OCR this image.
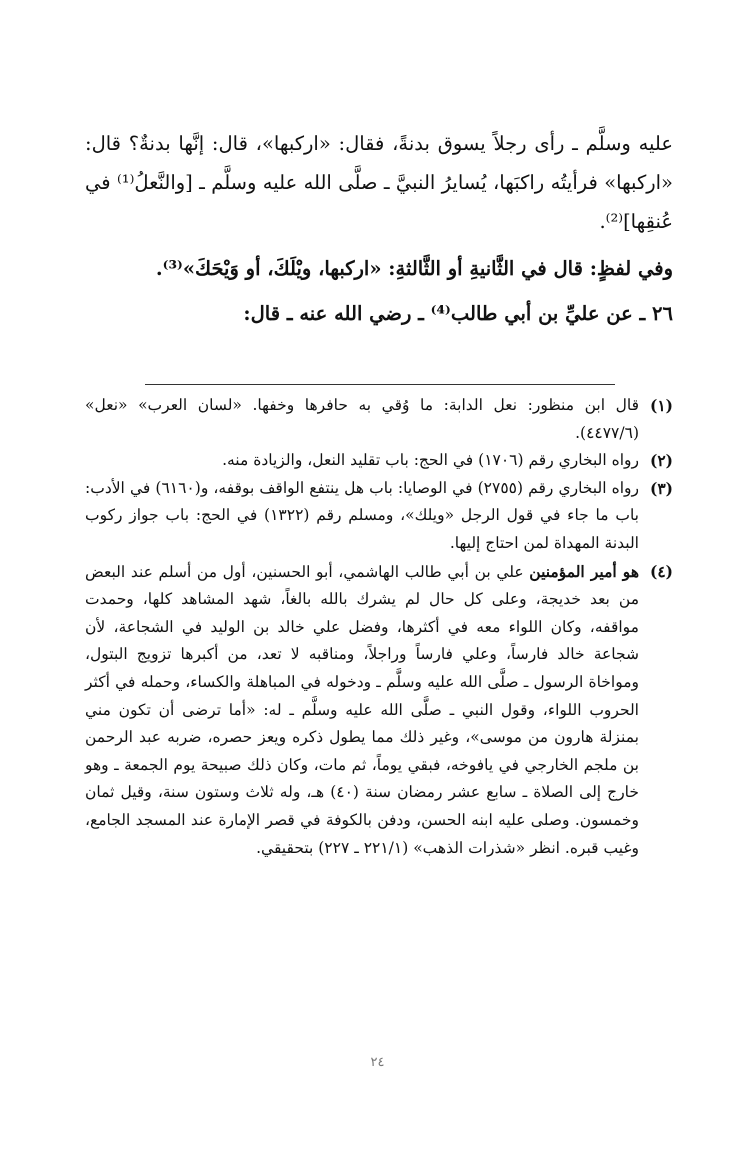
عليه وسلَّم ـ رأى رجلاً يسوق بدنةً، فقال: «اركبها»، قال: إنَّها بدنةٌ؟ قال: «اركبها» فرأيتُه راكبَها، يُسايرُ النبيَّ ـ صلَّى الله عليه وسلَّم ـ [والنَّعلُ⁽¹⁾ في عُنقِها]⁽²⁾.

وفي لفظٍ: قال في الثَّانيةِ أو الثَّالثةِ: «اركبها، ويْلَكَ، أو وَيْحَكَ»⁽³⁾.

٢٦ ـ عن عليِّ بن أبي طالب⁽⁴⁾ ـ رضي الله عنه ـ قال:

(١)

قال ابن منظور: نعل الدابة: ما وُقي به حافرها وخفها. «لسان العرب» «نعل» (٤٤٧٧/٦).

(٢)

رواه البخاري رقم (١٧٠٦) في الحج: باب تقليد النعل، والزيادة منه.

(٣)

رواه البخاري رقم (٢٧٥٥) في الوصايا: باب هل ينتفع الواقف بوقفه، و(٦١٦٠) في الأدب: باب ما جاء في قول الرجل «ويلك»، ومسلم رقم (١٣٢٢) في الحج: باب جواز ركوب البدنة المهداة لمن احتاج إليها.

(٤)

هو أمير المؤمنين علي بن أبي طالب الهاشمي، أبو الحسنين، أول من أسلم عند البعض من بعد خديجة، وعلى كل حال لم يشرك بالله بالغاً، شهد المشاهد كلها، وحمدت مواقفه، وكان اللواء معه في أكثرها، وفضل علي خالد بن الوليد في الشجاعة، لأن شجاعة خالد فارساً، وعلي فارساً وراجلاً، ومناقبه لا تعد، من أكبرها تزويج البتول، ومواخاة الرسول ـ صلَّى الله عليه وسلَّم ـ ودخوله في المباهلة والكساء، وحمله في أكثر الحروب اللواء، وقول النبي ـ صلَّى الله عليه وسلَّم ـ له: «أما ترضى أن تكون مني بمنزلة هارون من موسى»، وغير ذلك مما يطول ذكره ويعز حصره، ضربه عبد الرحمن بن ملجم الخارجي في يافوخه، فبقي يوماً، ثم مات، وكان ذلك صبيحة يوم الجمعة ـ وهو خارج إلى الصلاة ـ سابع عشر رمضان سنة (٤٠) هـ، وله ثلاث وستون سنة، وقيل ثمان وخمسون. وصلى عليه ابنه الحسن، ودفن بالكوفة في قصر الإمارة عند المسجد الجامع، وغيب قبره. انظر «شذرات الذهب» (٢٢١/١ ـ ٢٢٧) بتحقيقي.

٢٤
